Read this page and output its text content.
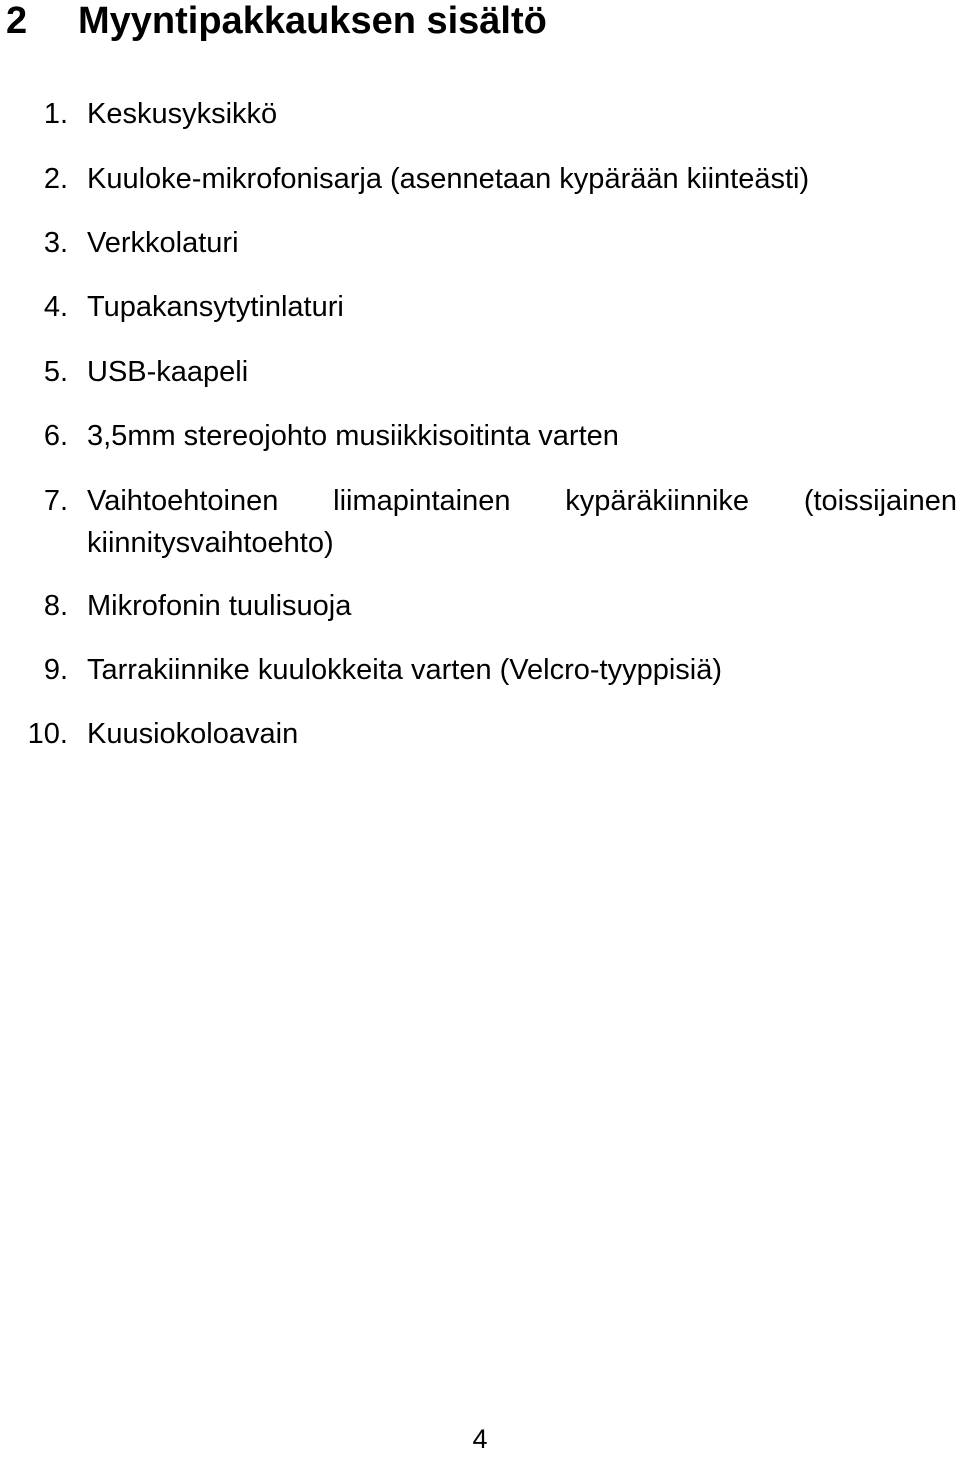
2	Myyntipakkauksen sisältö
1. Keskusyksikkö
2. Kuuloke-mikrofonisarja (asennetaan kypärään kiinteästi)
3. Verkkolaturi
4. Tupakansytytinlaturi
5. USB-kaapeli
6. 3,5mm stereojohto musiikkisoitinta varten
7. Vaihtoehtoinen liimapintainen kypäräkiinnike (toissijainen
kiinnitysvaihtoehto)
8. Mikrofonin tuulisuoja
9. Tarrakiinnike kuulokkeita varten (Velcro-tyyppisiä)
10. Kuusiokoloavain
4
